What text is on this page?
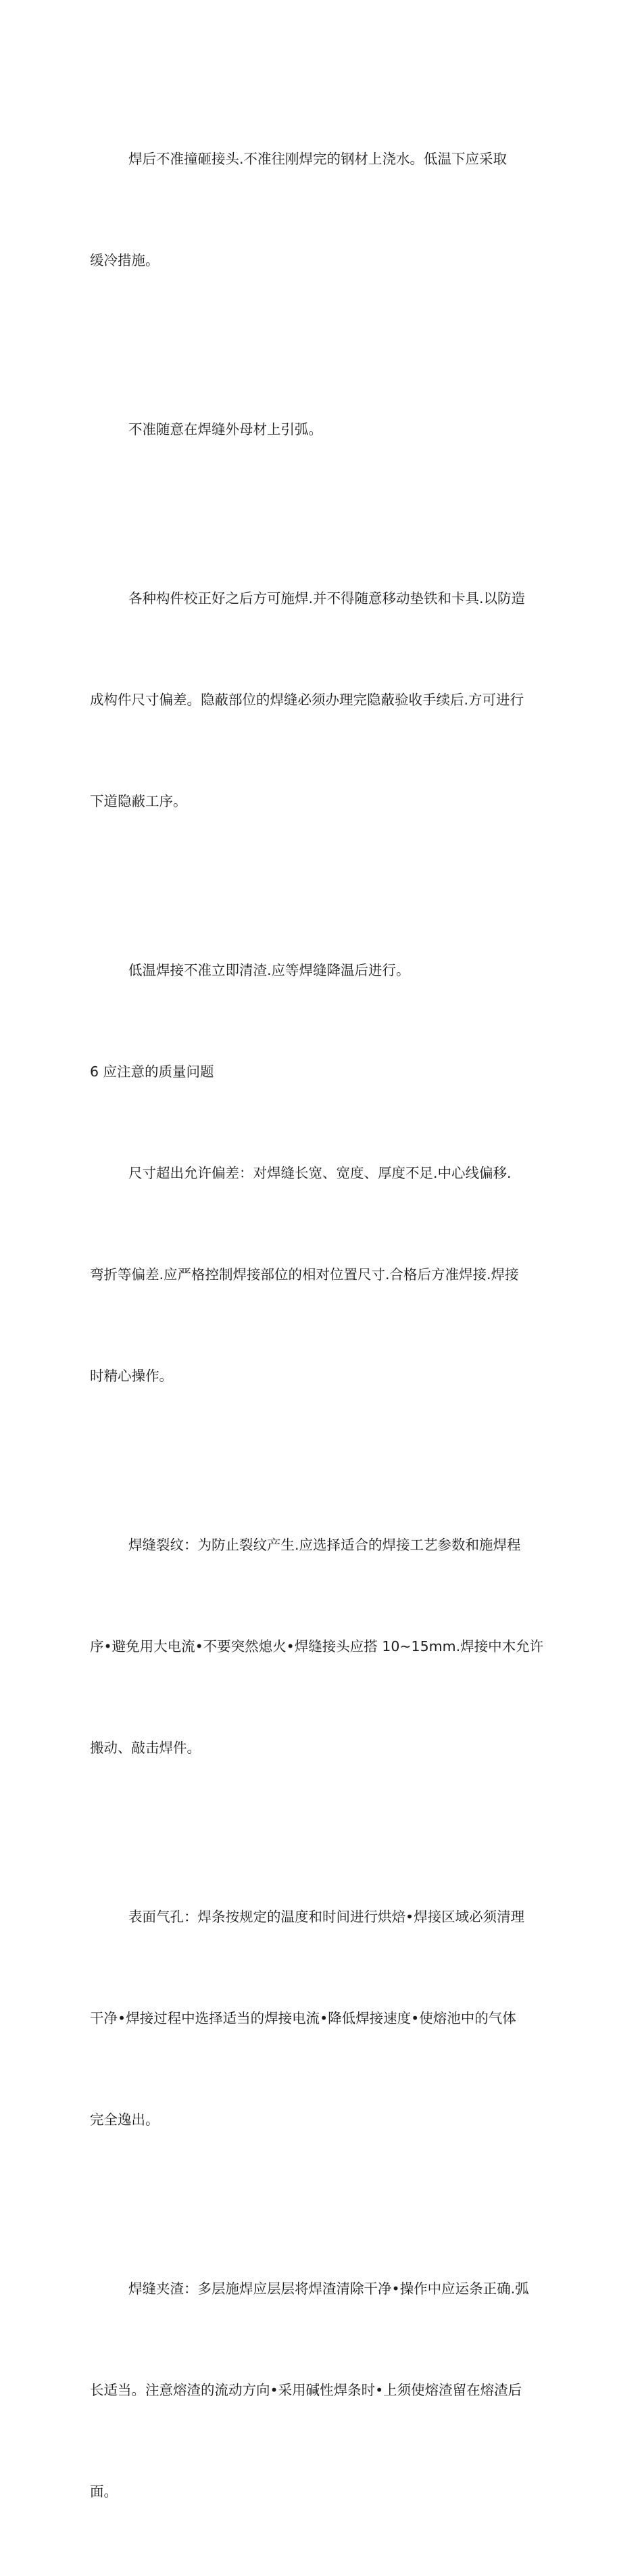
焊后不准撞砸接头.不准往刚焊完的钢材上浇水。低温下应采取

缓冷措施。

不准随意在焊缝外母材上引弧。

各种构件校正好之后方可施焊.并不得随意移动垫铁和卡具.以防造

成构件尺寸偏差。隐蔽部位的焊缝必须办理完隐蔽验收手续后.方可进行

下道隐蔽工序。

低温焊接不准立即清渣.应等焊缝降温后进行。

6 应注意的质量问题

尺寸超出允许偏差：对焊缝长宽、宽度、厚度不足.中心线偏移.

弯折等偏差.应严格控制焊接部位的相对位置尺寸.合格后方准焊接.焊接

时精心操作。

焊缝裂纹：为防止裂纹产生.应选择适合的焊接工艺参数和施焊程

序•避免用大电流•不要突然熄火•焊缝接头应搭 10~15mm.焊接中木允许

搬动、敲击焊件。

表面气孔：焊条按规定的温度和时间进行烘焙•焊接区域必须清理

干净•焊接过程中选择适当的焊接电流•降低焊接速度•使熔池中的气体

完全逸出。

焊缝夹渣：多层施焊应层层将焊渣清除干净•操作中应运条正确.弧

长适当。注意熔渣的流动方向•采用碱性焊条时•上须使熔渣留在熔渣后

面。
